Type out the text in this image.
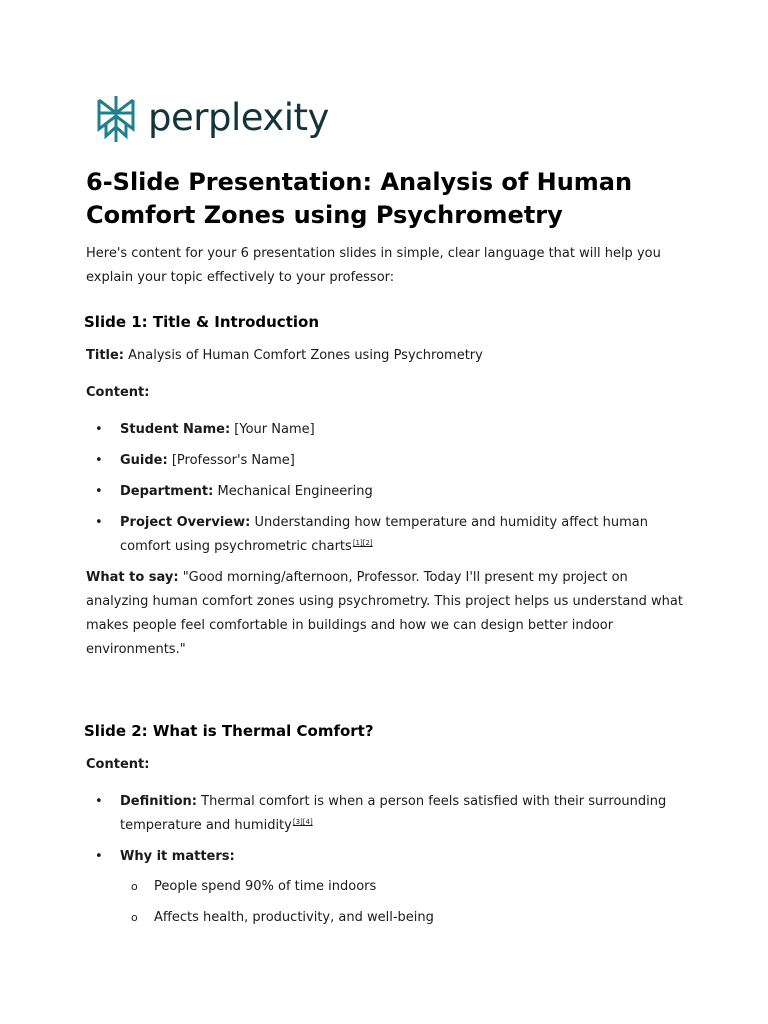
perplexity
6-Slide Presentation: Analysis of Human Comfort Zones using Psychrometry

Here's content for your 6 presentation slides in simple, clear language that will help you explain your topic effectively to your professor:

Slide 1: Title & Introduction

Title: Analysis of Human Comfort Zones using Psychrometry

Content:

• Student Name: [Your Name]
• Guide: [Professor's Name]
• Department: Mechanical Engineering
• Project Overview: Understanding how temperature and humidity affect human comfort using psychrometric charts[1][2]

What to say: "Good morning/afternoon, Professor. Today I'll present my project on analyzing human comfort zones using psychrometry. This project helps us understand what makes people feel comfortable in buildings and how we can design better indoor environments."

Slide 2: What is Thermal Comfort?

Content:

• Definition: Thermal comfort is when a person feels satisfied with their surrounding temperature and humidity[3][4]
• Why it matters:
o People spend 90% of time indoors
o Affects health, productivity, and well-being
